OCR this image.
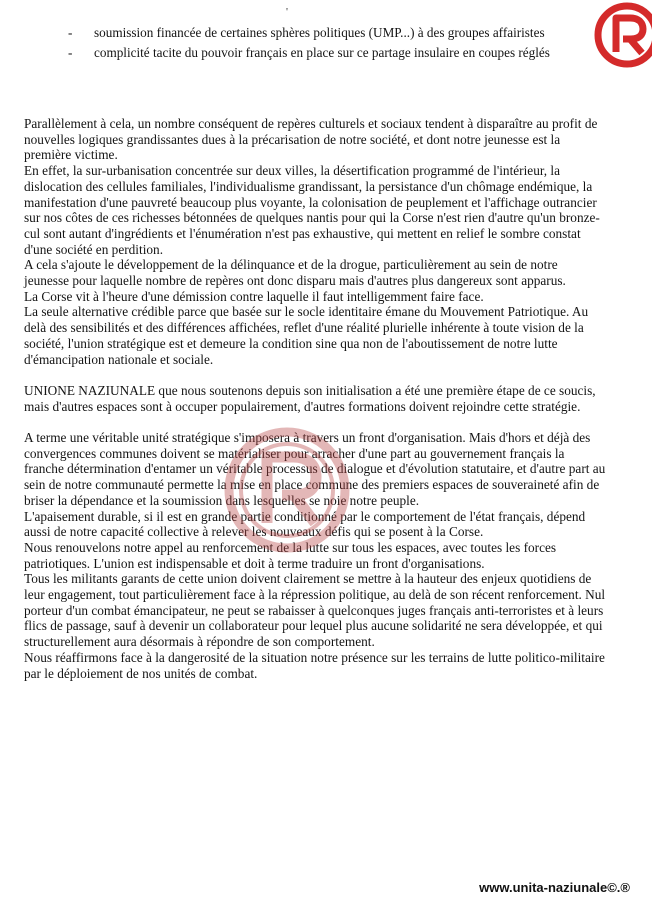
'
- soumission financée de certaines sphères politiques (UMP...) à des groupes affairistes
- complicité tacite du pouvoir français en place sur ce partage insulaire en coupes réglés

Parallèlement à cela, un nombre conséquent de repères culturels et sociaux tendent à disparaître au profit de nouvelles logiques grandissantes dues à la précarisation de notre société, et dont notre jeunesse est la première victime.

En effet, la sur-urbanisation concentrée sur deux villes, la désertification programmé de l'intérieur, la dislocation des cellules familiales, l'individualisme grandissant, la persistance d'un chômage endémique, la manifestation d'une pauvreté beaucoup plus voyante, la colonisation de peuplement et l'affichage outrancier sur nos côtes de ces richesses bétonnées de quelques nantis pour qui la Corse n'est rien d'autre qu'un bronze-cul sont autant d'ingrédients et l'énumération n'est pas exhaustive, qui mettent en relief le sombre constat d'une société en perdition.

A cela s'ajoute le développement de la délinquance et de la drogue, particulièrement au sein de notre jeunesse pour laquelle nombre de repères ont donc disparu mais d'autres plus dangereux sont apparus.

La Corse vit à l'heure d'une démission contre laquelle il faut intelligemment faire face.

La seule alternative crédible parce que basée sur le socle identitaire émane du Mouvement Patriotique. Au delà des sensibilités et des différences affichées, reflet d'une réalité plurielle inhérente à toute vision de la société, l'union stratégique est et demeure la condition sine qua non de l'aboutissement de notre lutte d'émancipation nationale et sociale.

UNIONE NAZIUNALE que nous soutenons depuis son initialisation a été une première étape de ce soucis, mais d'autres espaces sont à occuper populairement, d'autres formations doivent rejoindre cette stratégie.

A terme une véritable unité stratégique s'imposera à travers un front d'organisation. Mais d'hors et déjà des convergences communes doivent se matérialiser pour arracher d'une part au gouvernement français la franche détermination d'entamer un véritable processus de dialogue et d'évolution statutaire, et d'autre part au sein de notre communauté permette la mise en place commune des premiers espaces de souveraineté afin de briser la dépendance et la soumission dans lesquelles se noie notre peuple.

L'apaisement durable, si il est en grande partie conditionné par le comportement de l'état français, dépend aussi de notre capacité collective à relever les nouveaux défis qui se posent à la Corse.

Nous renouvelons notre appel au renforcement de la lutte sur tous les espaces, avec toutes les forces patriotiques. L'union est indispensable et doit à terme traduire un front d'organisations.

Tous les militants garants de cette union doivent clairement se mettre à la hauteur des enjeux quotidiens de leur engagement, tout particulièrement face à la répression politique, au delà de son récent renforcement. Nul porteur d'un combat émancipateur, ne peut se rabaisser à quelconques juges français anti-terroristes et à leurs flics de passage, sauf à devenir un collaborateur pour lequel plus aucune solidarité ne sera développée, et qui structurellement aura désormais à répondre de son comportement.

Nous réaffirmons face à la dangerosité de la situation notre présence sur les terrains de lutte politico-militaire par le déploiement de nos unités de combat.

www.unita-naziunale©.®
